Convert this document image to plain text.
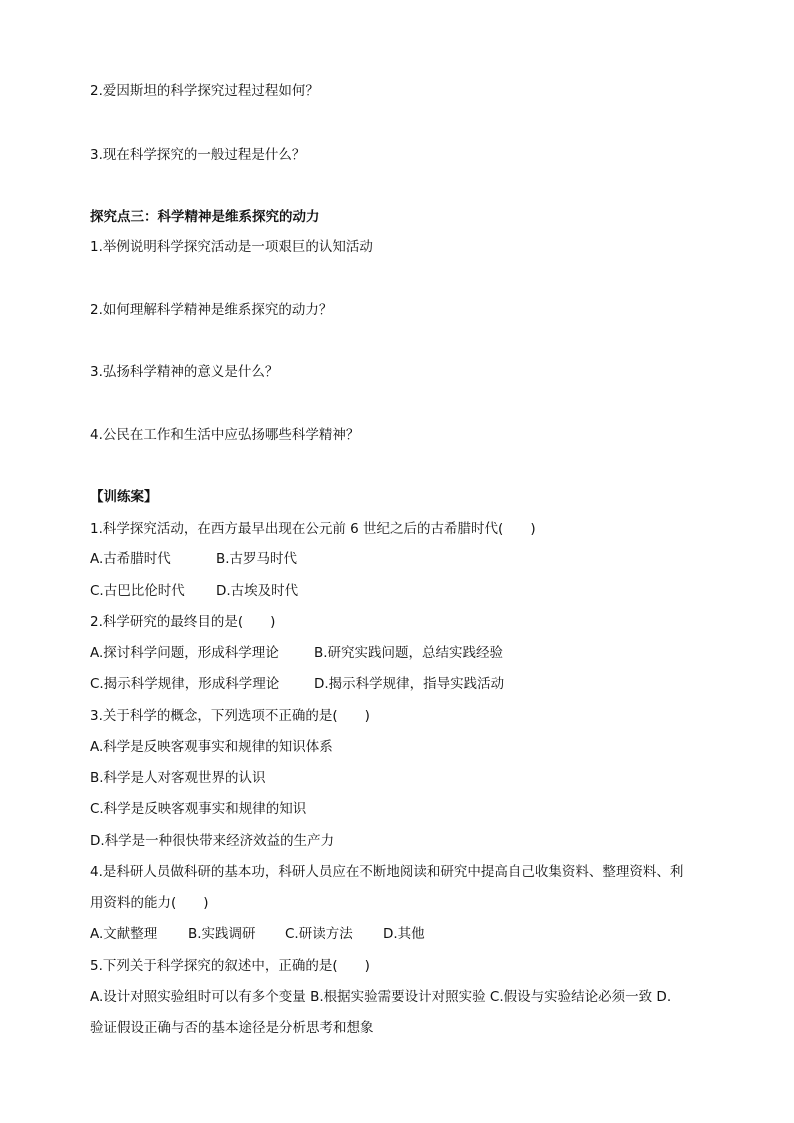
2.爱因斯坦的科学探究过程过程如何？
3.现在科学探究的一般过程是什么？
探究点三：科学精神是维系探究的动力
1.举例说明科学探究活动是一项艰巨的认知活动
2.如何理解科学精神是维系探究的动力？
3.弘扬科学精神的意义是什么？
4.公民在工作和生活中应弘扬哪些科学精神？
【训练案】
1.科学探究活动，在西方最早出现在公元前 6 世纪之后的古希腊时代(　　)
A.古希腊时代	B.古罗马时代
C.古巴比伦时代 D.古埃及时代
2.科学研究的最终目的是(　　)
A.探讨科学问题，形成科学理论	B.研究实践问题，总结实践经验
C.揭示科学规律，形成科学理论	D.揭示科学规律，指导实践活动
3.关于科学的概念，下列选项不正确的是(　　)
A.科学是反映客观事实和规律的知识体系
B.科学是人对客观世界的认识
C.科学是反映客观事实和规律的知识
D.科学是一种很快带来经济效益的生产力
4.是科研人员做科研的基本功，科研人员应在不断地阅读和研究中提高自己收集资料、整理资料、利
用资料的能力(　　)
A.文献整理 B.实践调研 C.研读方法 D.其他
5.下列关于科学探究的叙述中，正确的是(　　)
A.设计对照实验组时可以有多个变量 B.根据实验需要设计对照实验 C.假设与实验结论必须一致 D.
验证假设正确与否的基本途径是分析思考和想象
